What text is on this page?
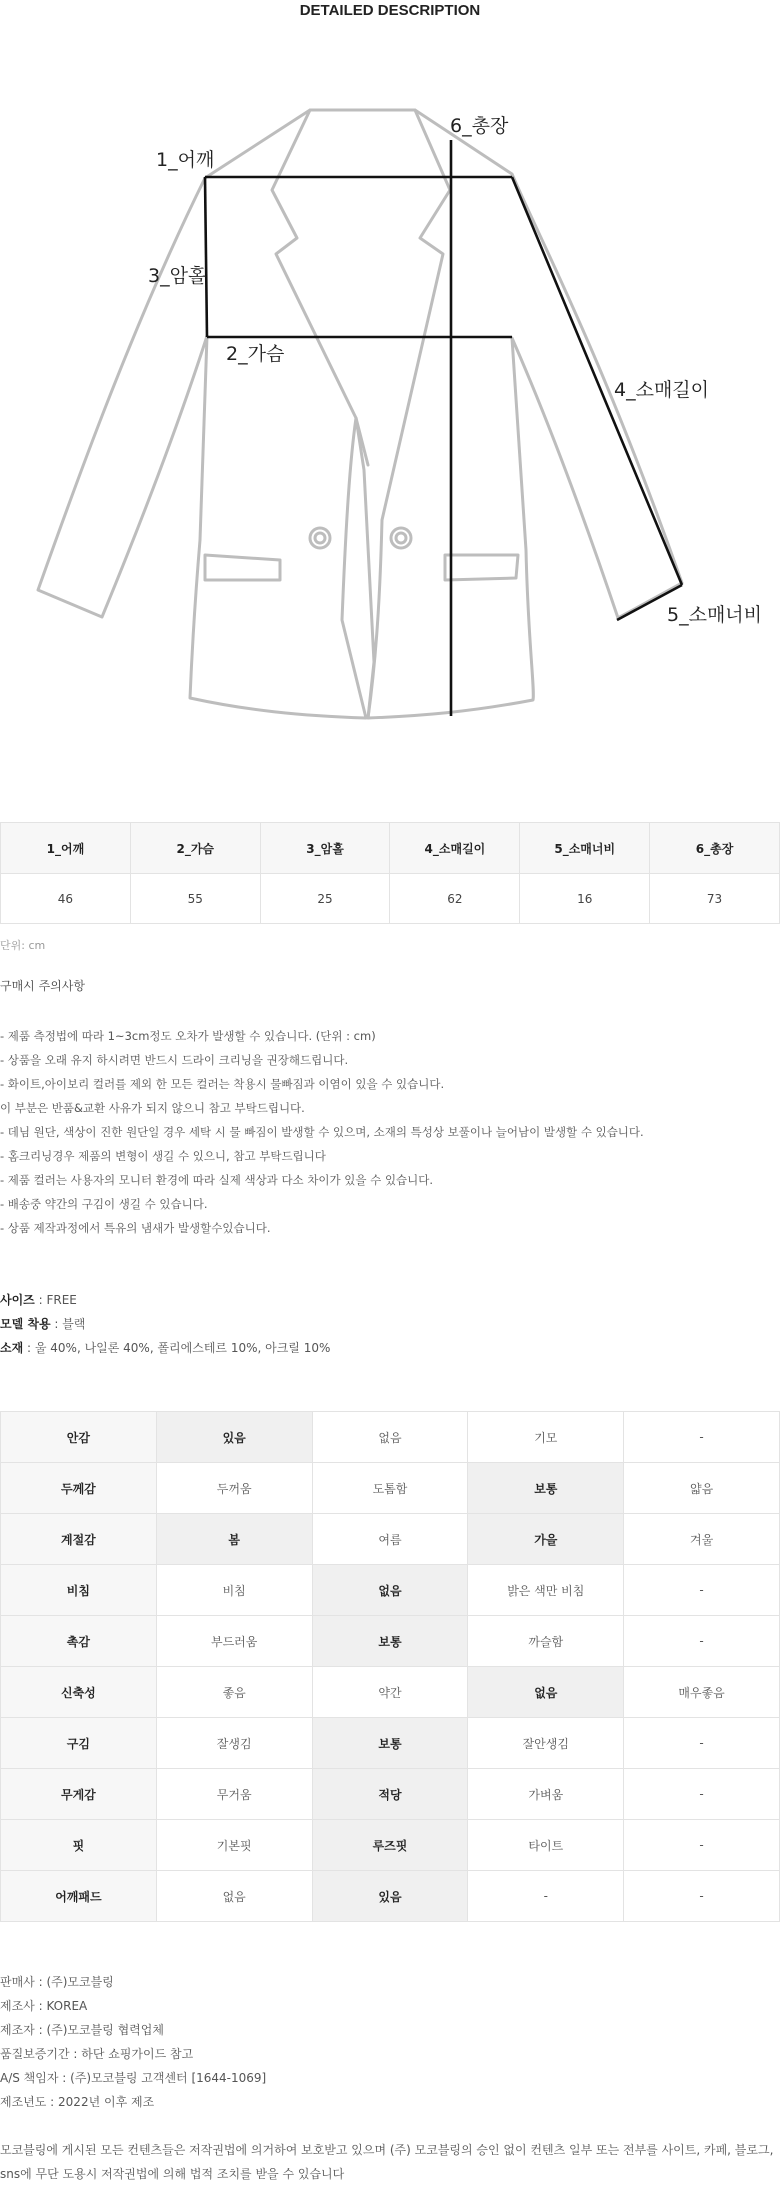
DETAILED DESCRIPTION
1_어깨
3_암홀
2_가슴
6_총장
4_소매길이
5_소매너비
1_어깨	2_가슴	3_암홀	4_소매길이	5_소매너비	6_총장
46	55	25	62	16	73
단위: cm
구매시 주의사항
- 제품 측정법에 따라 1~3cm정도 오차가 발생할 수 있습니다. (단위 : cm)
- 상품을 오래 유지 하시려면 반드시 드라이 크리닝을 권장해드립니다.
- 화이트,아이보리 컬러를 제외 한 모든 컬러는 착용시 물빠짐과 이염이 있을 수 있습니다.
이 부분은 반품&교환 사유가 되지 않으니 참고 부탁드립니다.
- 데님 원단, 색상이 진한 원단일 경우 세탁 시 물 빠짐이 발생할 수 있으며, 소재의 특성상 보풀이나 늘어남이 발생할 수 있습니다.
- 홈크리닝경우 제품의 변형이 생길 수 있으니, 참고 부탁드립니다
- 제품 컬러는 사용자의 모니터 환경에 따라 실제 색상과 다소 차이가 있을 수 있습니다.
- 배송중 약간의 구김이 생길 수 있습니다.
- 상품 제작과정에서 특유의 냄새가 발생할수있습니다.
사이즈 : FREE
모델 착용 : 블랙
소재 : 울 40%, 나일론 40%, 폴리에스테르 10%, 아크릴 10%
안감	있음	없음	기모	-
두께감	두꺼움	도톰함	보통	얇음
계절감	봄	여름	가을	겨울
비침	비침	없음	밝은 색만 비침	-
촉감	부드러움	보통	까슬함	-
신축성	좋음	약간	없음	매우좋음
구김	잘생김	보통	잘안생김	-
무게감	무거움	적당	가벼움	-
핏	기본핏	루즈핏	타이트	-
어깨패드	없음	있음	-	-
판매사 : (주)모코블링
제조사 : KOREA
제조자 : (주)모코블링 협력업체
품질보증기간 : 하단 쇼핑가이드 참고
A/S 책임자 : (주)모코블링 고객센터 [1644-1069]
제조년도 : 2022년 이후 제조
모코블링에 게시된 모든 컨텐츠들은 저작권법에 의거하여 보호받고 있으며 (주) 모코블링의 승인 없이 컨텐츠 일부 또는 전부를 사이트, 카페, 블로그, sns에 무단 도용시 저작권법에 의해 법적 조치를 받을 수 있습니다
